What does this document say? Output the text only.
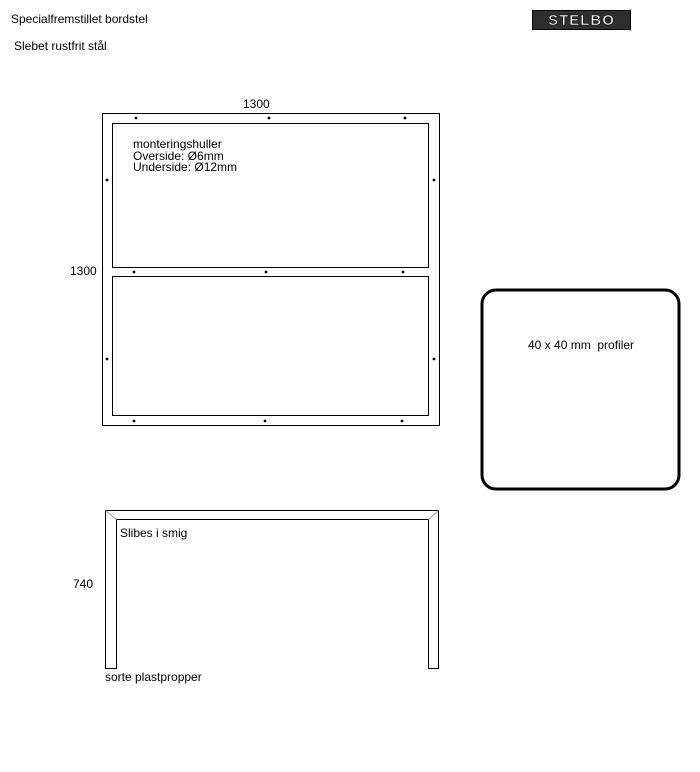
Specialfremstillet bordstel
Slebet rustfrit stål
STELBO
1300
1300
monteringshuller
Overside: Ø6mm
Underside: Ø12mm
40 x 40 mm  profiler
Slibes i smig
740
sorte plastpropper
